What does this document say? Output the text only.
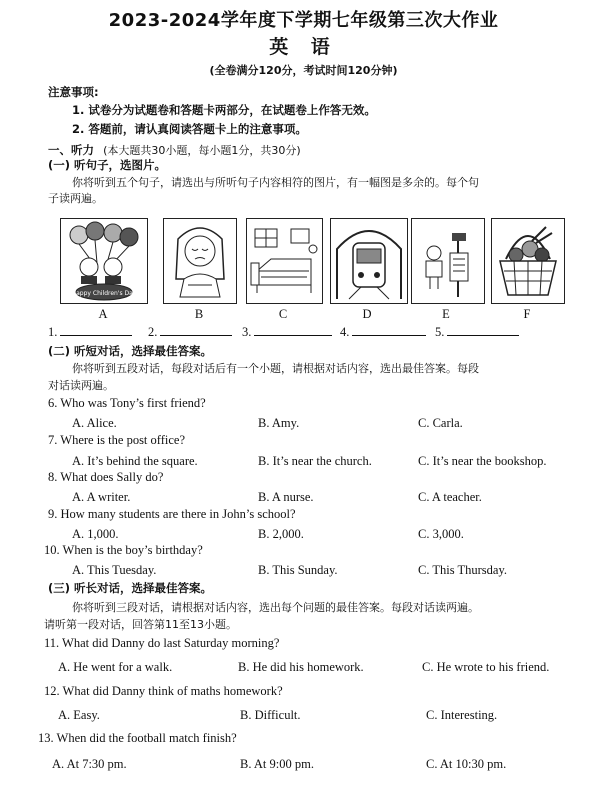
2023-2024学年度下学期七年级第三次大作业
英 语
(全卷满分120分，考试时间120分钟)
注意事项:
1. 试卷分为试题卷和答题卡两部分，在试题卷上作答无效。
2. 答题前，请认真阅读答题卡上的注意事项。
一、听力 (本大题共30小题，每小题1分，共30分)
(一) 听句子，选图片。
你将听到五个句子，请选出与所听句子内容相符的图片，有一幅图是多余的。每个句
子读两遍。
Happy Children's Day
A	B	C	D	E	F
1.	2.	3.	4.	5.
(二) 听短对话，选择最佳答案。
你将听到五段对话，每段对话后有一个小题，请根据对话内容，选出最佳答案。每段
对话读两遍。
6. Who was Tony’s first friend?
A. Alice.	B. Amy.	C. Carla.
7. Where is the post office?
A. It’s behind the square.	B. It’s near the church.	C. It’s near the bookshop.
8. What does Sally do?
A. A writer.	B. A nurse.	C. A teacher.
9. How many students are there in John’s school?
A. 1,000.	B. 2,000.	C. 3,000.
10. When is the boy’s birthday?
A. This Tuesday.	B. This Sunday.	C. This Thursday.
(三) 听长对话，选择最佳答案。
你将听到三段对话，请根据对话内容，选出每个问题的最佳答案。每段对话读两遍。
请听第一段对话，回答第11至13小题。
11. What did Danny do last Saturday morning?
A. He went for a walk.	B. He did his homework.	C. He wrote to his friend.
12. What did Danny think of maths homework?
A. Easy.	B. Difficult.	C. Interesting.
13. When did the football match finish?
A. At 7:30 pm.	B. At 9:00 pm.	C. At 10:30 pm.
